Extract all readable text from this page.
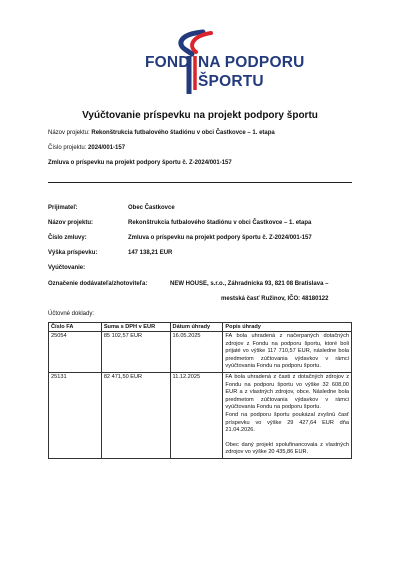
FOND NA PODPORU
ŠPORTU
Vyúčtovanie príspevku na projekt podpory športu
Názov projektu: Rekonštrukcia futbalového štadiónu v obci Častkovce – 1. etapa
Číslo projektu: 2024/001-157
Zmluva o príspevku na projekt podpory športu č. Z-2024/001-157
Prijímateľ:	Obec Častkovce
Názov projektu:	Rekonštrukcia futbalového štadiónu v obci Častkovce – 1. etapa
Číslo zmluvy:	Zmluva o príspevku na projekt podpory športu č. Z-2024/001-157
Výška príspevku:	147 138,21 EUR
Vyúčtovanie:
Označenie dodávateľa/zhotoviteľa:	NEW HOUSE, s.r.o., Záhradnícka 93, 821 08 Bratislava –
mestská časť Ružinov, IČO: 48180122
Účtovné doklady:
Číslo FA	Suma s DPH v EUR	Dátum úhrady	Popis úhrady
25054	85 102,57 EUR	16.05.2025	FA bola uhradená z načerpaných dotačných zdrojov z Fondu na podporu športu, ktoré boli prijaté vo výške 117 710,57 EUR, následne bola predmetom zúčtovania výdavkov v rámci vyúčtovania Fondu na podporu športu.

25131	82 471,50 EUR	11.12.2025	FA bola uhradená z časti z dotačných zdrojov z Fondu na podporu športu vo výške 32 608,00 EUR a z vlastných zdrojov, obce. Následne bola predmetom zúčtovania výdavkov v rámci vyúčtovania Fondu na podporu športu.

Fond na podporu športu poukázal zvyšnú časť príspevku vo výške 29 427,64 EUR dňa 21.04.2026.

Obec daný projekt spolufinancovala z vlastných zdrojov vo výške 20 435,86 EUR.
